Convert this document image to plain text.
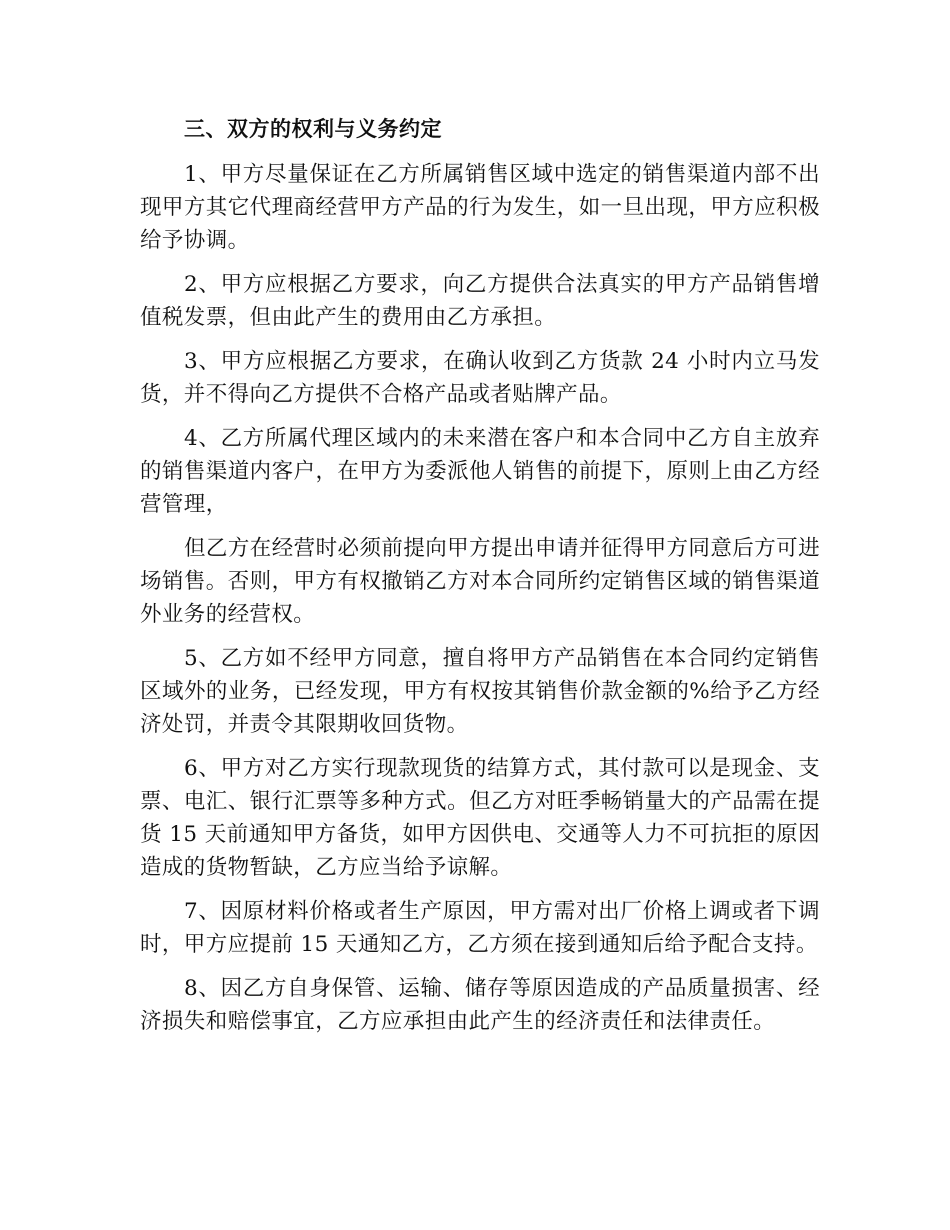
三、双方的权利与义务约定

1、甲方尽量保证在乙方所属销售区域中选定的销售渠道内部不出现甲方其它代理商经营甲方产品的行为发生，如一旦出现，甲方应积极给予协调。

2、甲方应根据乙方要求，向乙方提供合法真实的甲方产品销售增值税发票，但由此产生的费用由乙方承担。

3、甲方应根据乙方要求，在确认收到乙方货款 24 小时内立马发货，并不得向乙方提供不合格产品或者贴牌产品。

4、乙方所属代理区域内的未来潜在客户和本合同中乙方自主放弃的销售渠道内客户，在甲方为委派他人销售的前提下，原则上由乙方经营管理，

但乙方在经营时必须前提向甲方提出申请并征得甲方同意后方可进场销售。否则，甲方有权撤销乙方对本合同所约定销售区域的销售渠道外业务的经营权。

5、乙方如不经甲方同意，擅自将甲方产品销售在本合同约定销售区域外的业务，已经发现，甲方有权按其销售价款金额的%给予乙方经济处罚，并责令其限期收回货物。

6、甲方对乙方实行现款现货的结算方式，其付款可以是现金、支票、电汇、银行汇票等多种方式。但乙方对旺季畅销量大的产品需在提货 15 天前通知甲方备货，如甲方因供电、交通等人力不可抗拒的原因造成的货物暂缺，乙方应当给予谅解。

7、因原材料价格或者生产原因，甲方需对出厂价格上调或者下调时，甲方应提前 15 天通知乙方，乙方须在接到通知后给予配合支持。

8、因乙方自身保管、运输、储存等原因造成的产品质量损害、经济损失和赔偿事宜，乙方应承担由此产生的经济责任和法律责任。
